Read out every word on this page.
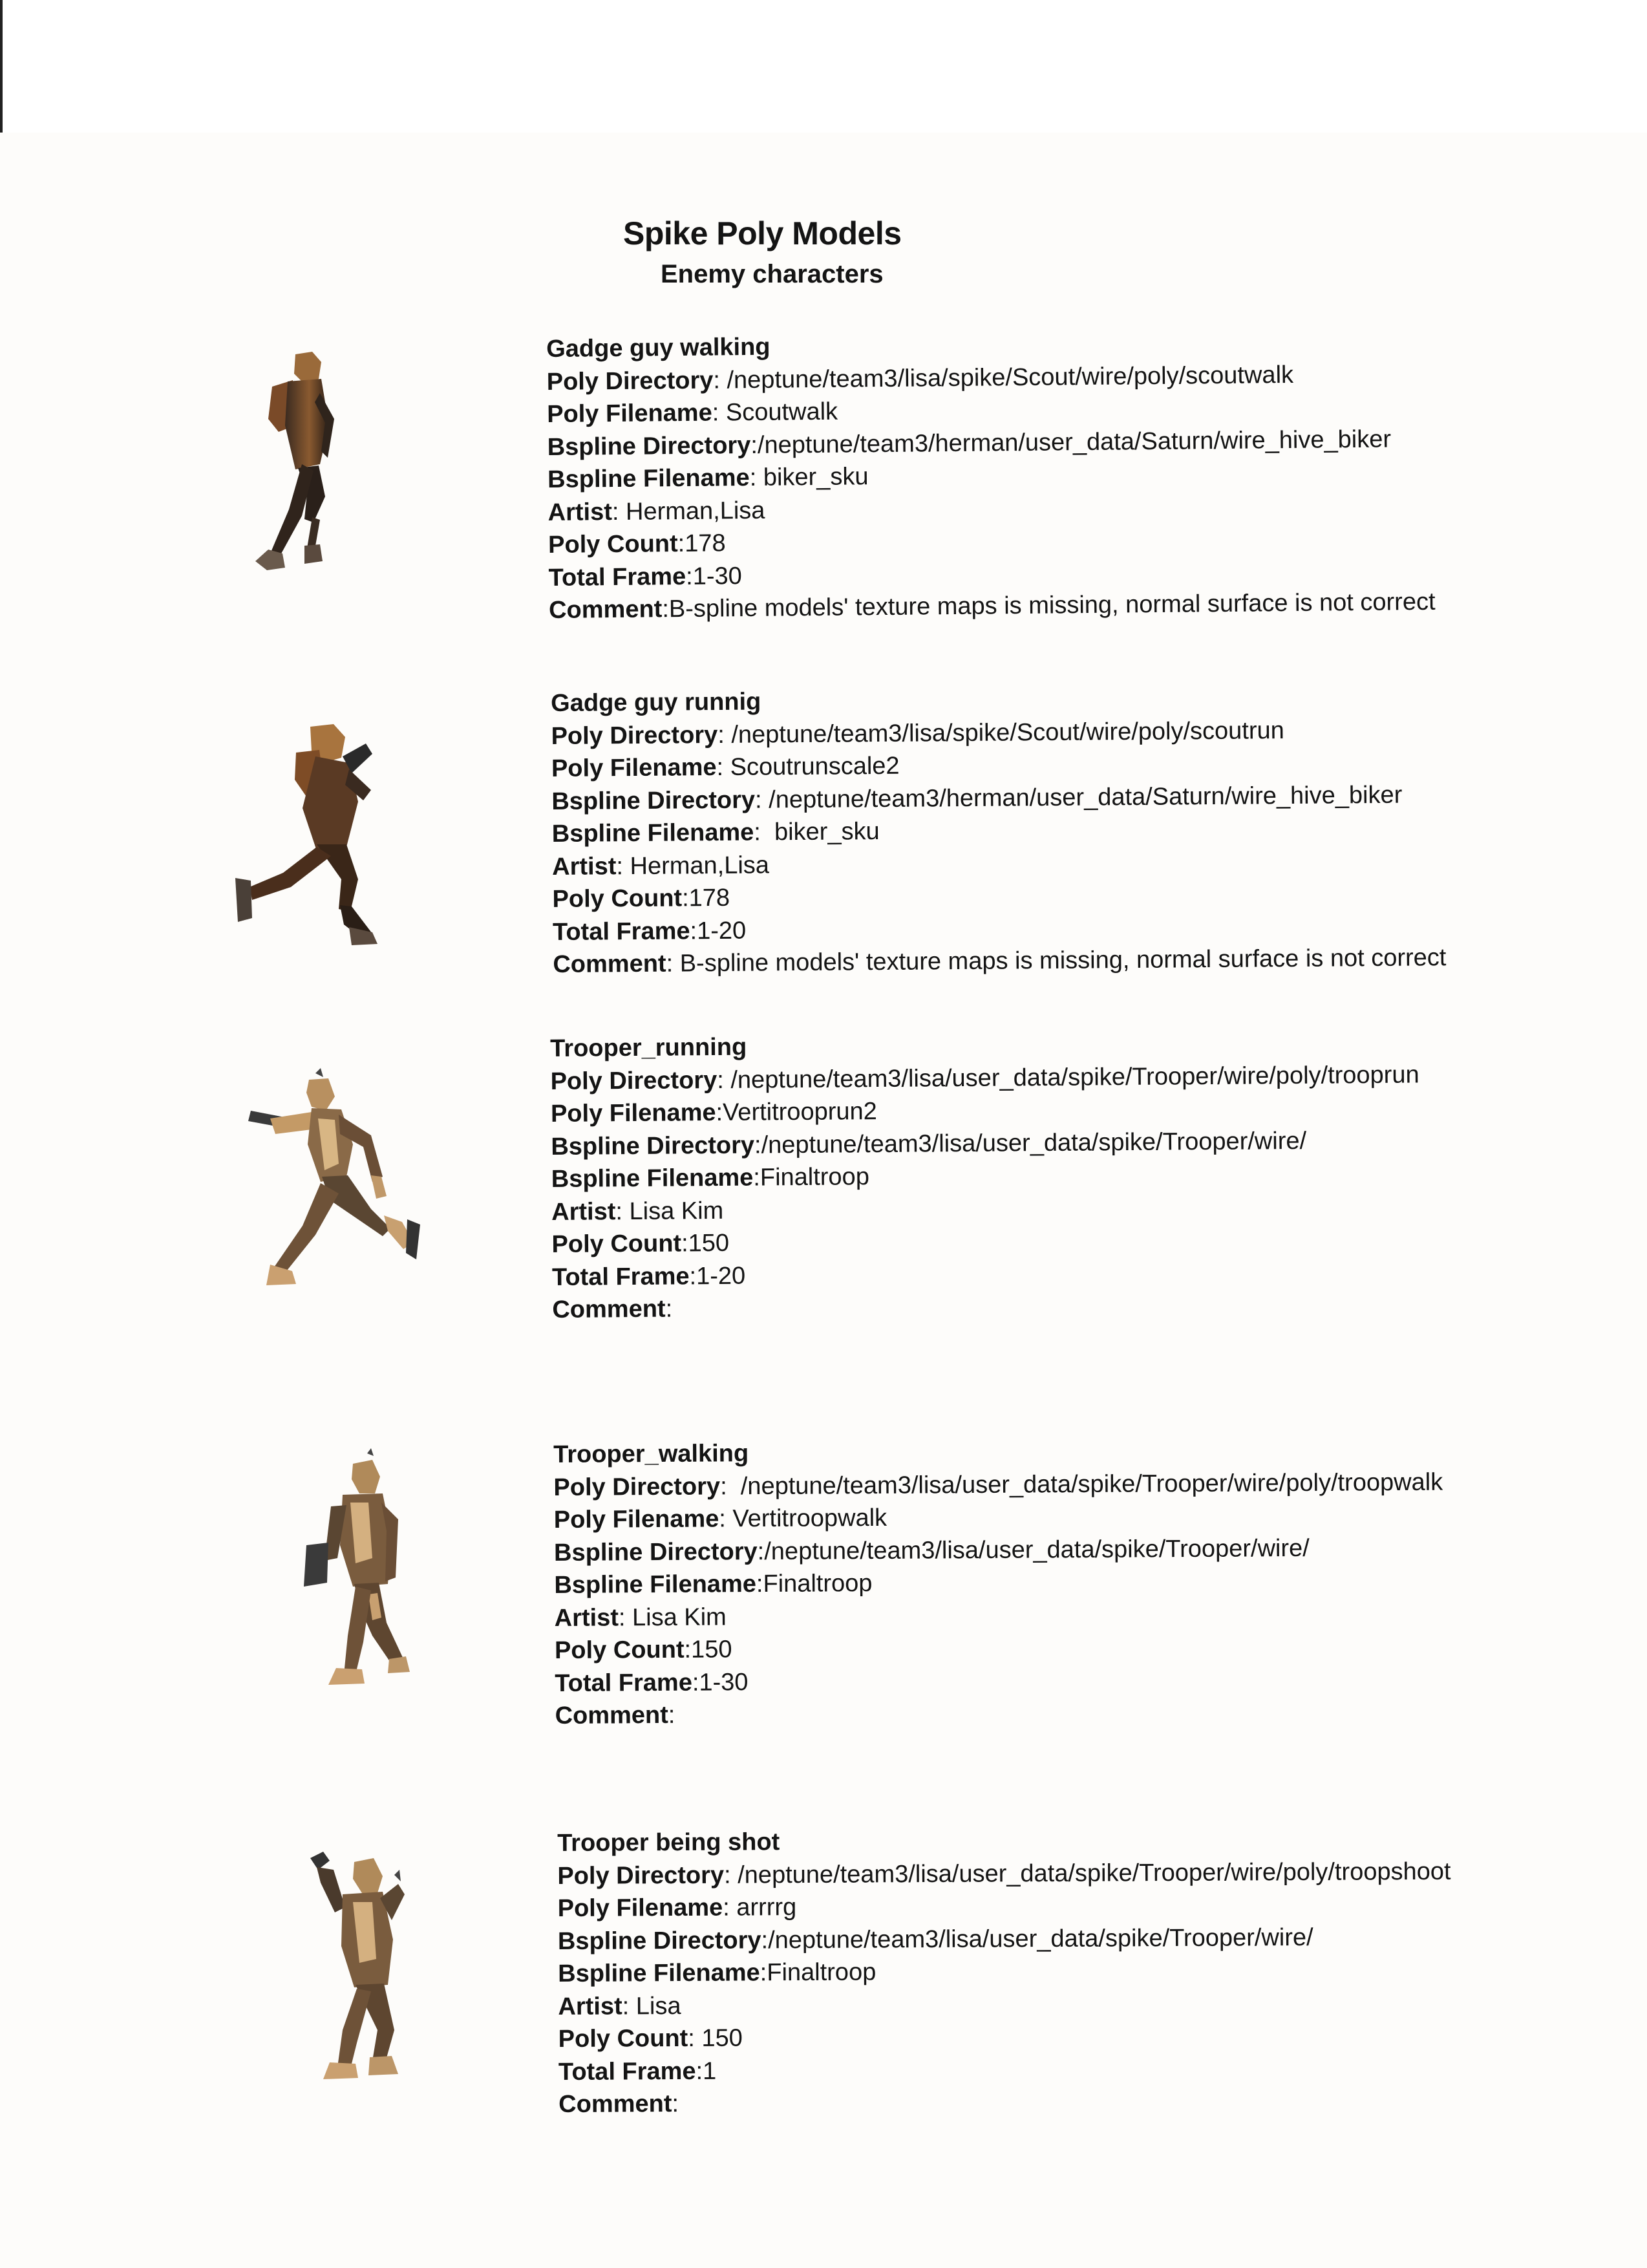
Spike Poly Models
Enemy characters
Gadge guy walking
Poly Directory: /neptune/team3/lisa/spike/Scout/wire/poly/scoutwalk
Poly Filename: Scoutwalk
Bspline Directory:/neptune/team3/herman/user_data/Saturn/wire_hive_biker
Bspline Filename: biker_sku
Artist: Herman,Lisa
Poly Count:178
Total Frame:1-30
Comment:B-spline models' texture maps is missing, normal surface is not correct
Gadge guy runnig
Poly Directory: /neptune/team3/lisa/spike/Scout/wire/poly/scoutrun
Poly Filename: Scoutrunscale2
Bspline Directory: /neptune/team3/herman/user_data/Saturn/wire_hive_biker
Bspline Filename:  biker_sku
Artist: Herman,Lisa
Poly Count:178
Total Frame:1-20
Comment: B-spline models' texture maps is missing, normal surface is not correct
Trooper_running
Poly Directory: /neptune/team3/lisa/user_data/spike/Trooper/wire/poly/trooprun
Poly Filename:Vertitrooprun2
Bspline Directory:/neptune/team3/lisa/user_data/spike/Trooper/wire/
Bspline Filename:Finaltroop
Artist: Lisa Kim
Poly Count:150
Total Frame:1-20
Comment:
Trooper_walking
Poly Directory:  /neptune/team3/lisa/user_data/spike/Trooper/wire/poly/troopwalk
Poly Filename: Vertitroopwalk
Bspline Directory:/neptune/team3/lisa/user_data/spike/Trooper/wire/
Bspline Filename:Finaltroop
Artist: Lisa Kim
Poly Count:150
Total Frame:1-30
Comment:
Trooper being shot
Poly Directory: /neptune/team3/lisa/user_data/spike/Trooper/wire/poly/troopshoot
Poly Filename: arrrrg
Bspline Directory:/neptune/team3/lisa/user_data/spike/Trooper/wire/
Bspline Filename:Finaltroop
Artist: Lisa
Poly Count: 150
Total Frame:1
Comment:
